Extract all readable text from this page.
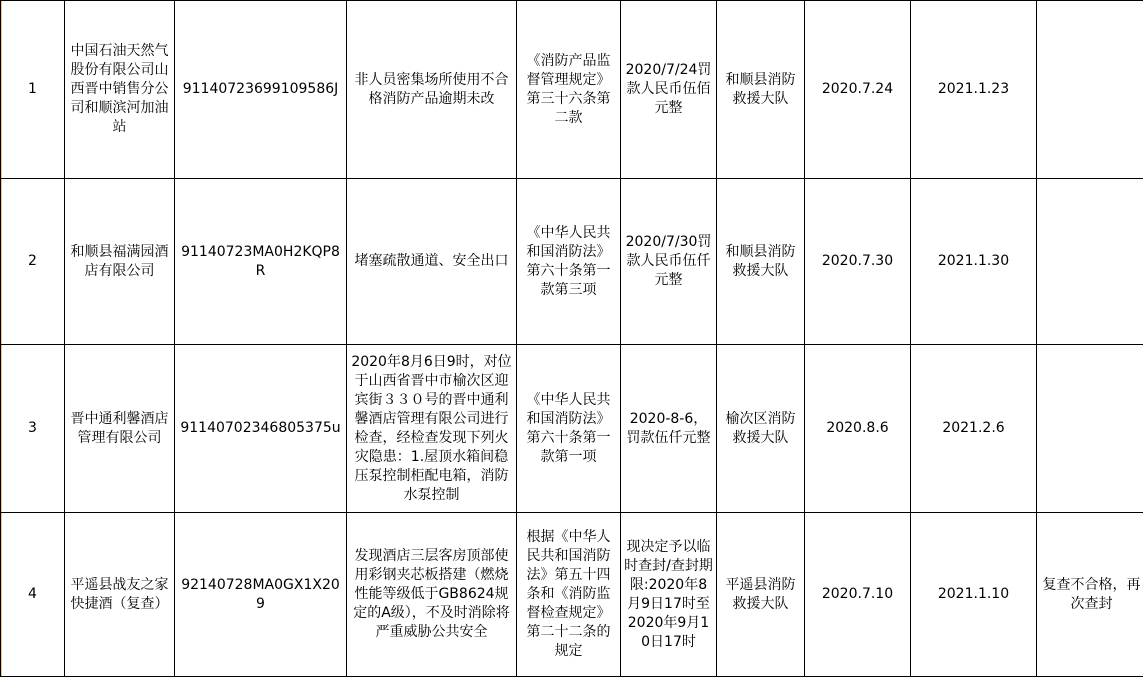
1	中国石油天然气股份有限公司山西晋中销售分公司和顺滨河加油站	91140723699109586J	非人员密集场所使用不合格消防产品逾期未改	《消防产品监督管理规定》第三十六条第二款	2020/7/24罚款人民币伍佰元整	和顺县消防救援大队	2020.7.24	2021.1.23	
2	和顺县福满园酒店有限公司	91140723MA0H2KQP8R	堵塞疏散通道、安全出口	《中华人民共和国消防法》第六十条第一款第三项	2020/7/30罚款人民币伍仟元整	和顺县消防救援大队	2020.7.30	2021.1.30	
3	晋中通利馨酒店管理有限公司	91140702346805375u	2020年8月6日9时，对位于山西省晋中市榆次区迎宾街３３０号的晋中通利馨酒店管理有限公司进行检查，经检查发现下列火灾隐患：1.屋顶水箱间稳压泵控制柜配电箱，消防水泵控制	《中华人民共和国消防法》第六十条第一款第一项	2020-8-6，罚款伍仟元整	榆次区消防救援大队	2020.8.6	2021.2.6	
4	平遥县战友之家快捷酒（复查）	92140728MA0GX1X209	发现酒店三层客房顶部使用彩钢夹芯板搭建（燃烧性能等级低于GB8624规定的A级），不及时消除将严重威胁公共安全	根据《中华人民共和国消防法》第五十四条和《消防监督检查规定》第二十二条的规定	现决定予以临时查封/查封期限:2020年8月9日17时至2020年9月10日17时	平遥县消防救援大队	2020.7.10	2021.1.10	复查不合格，再次查封
